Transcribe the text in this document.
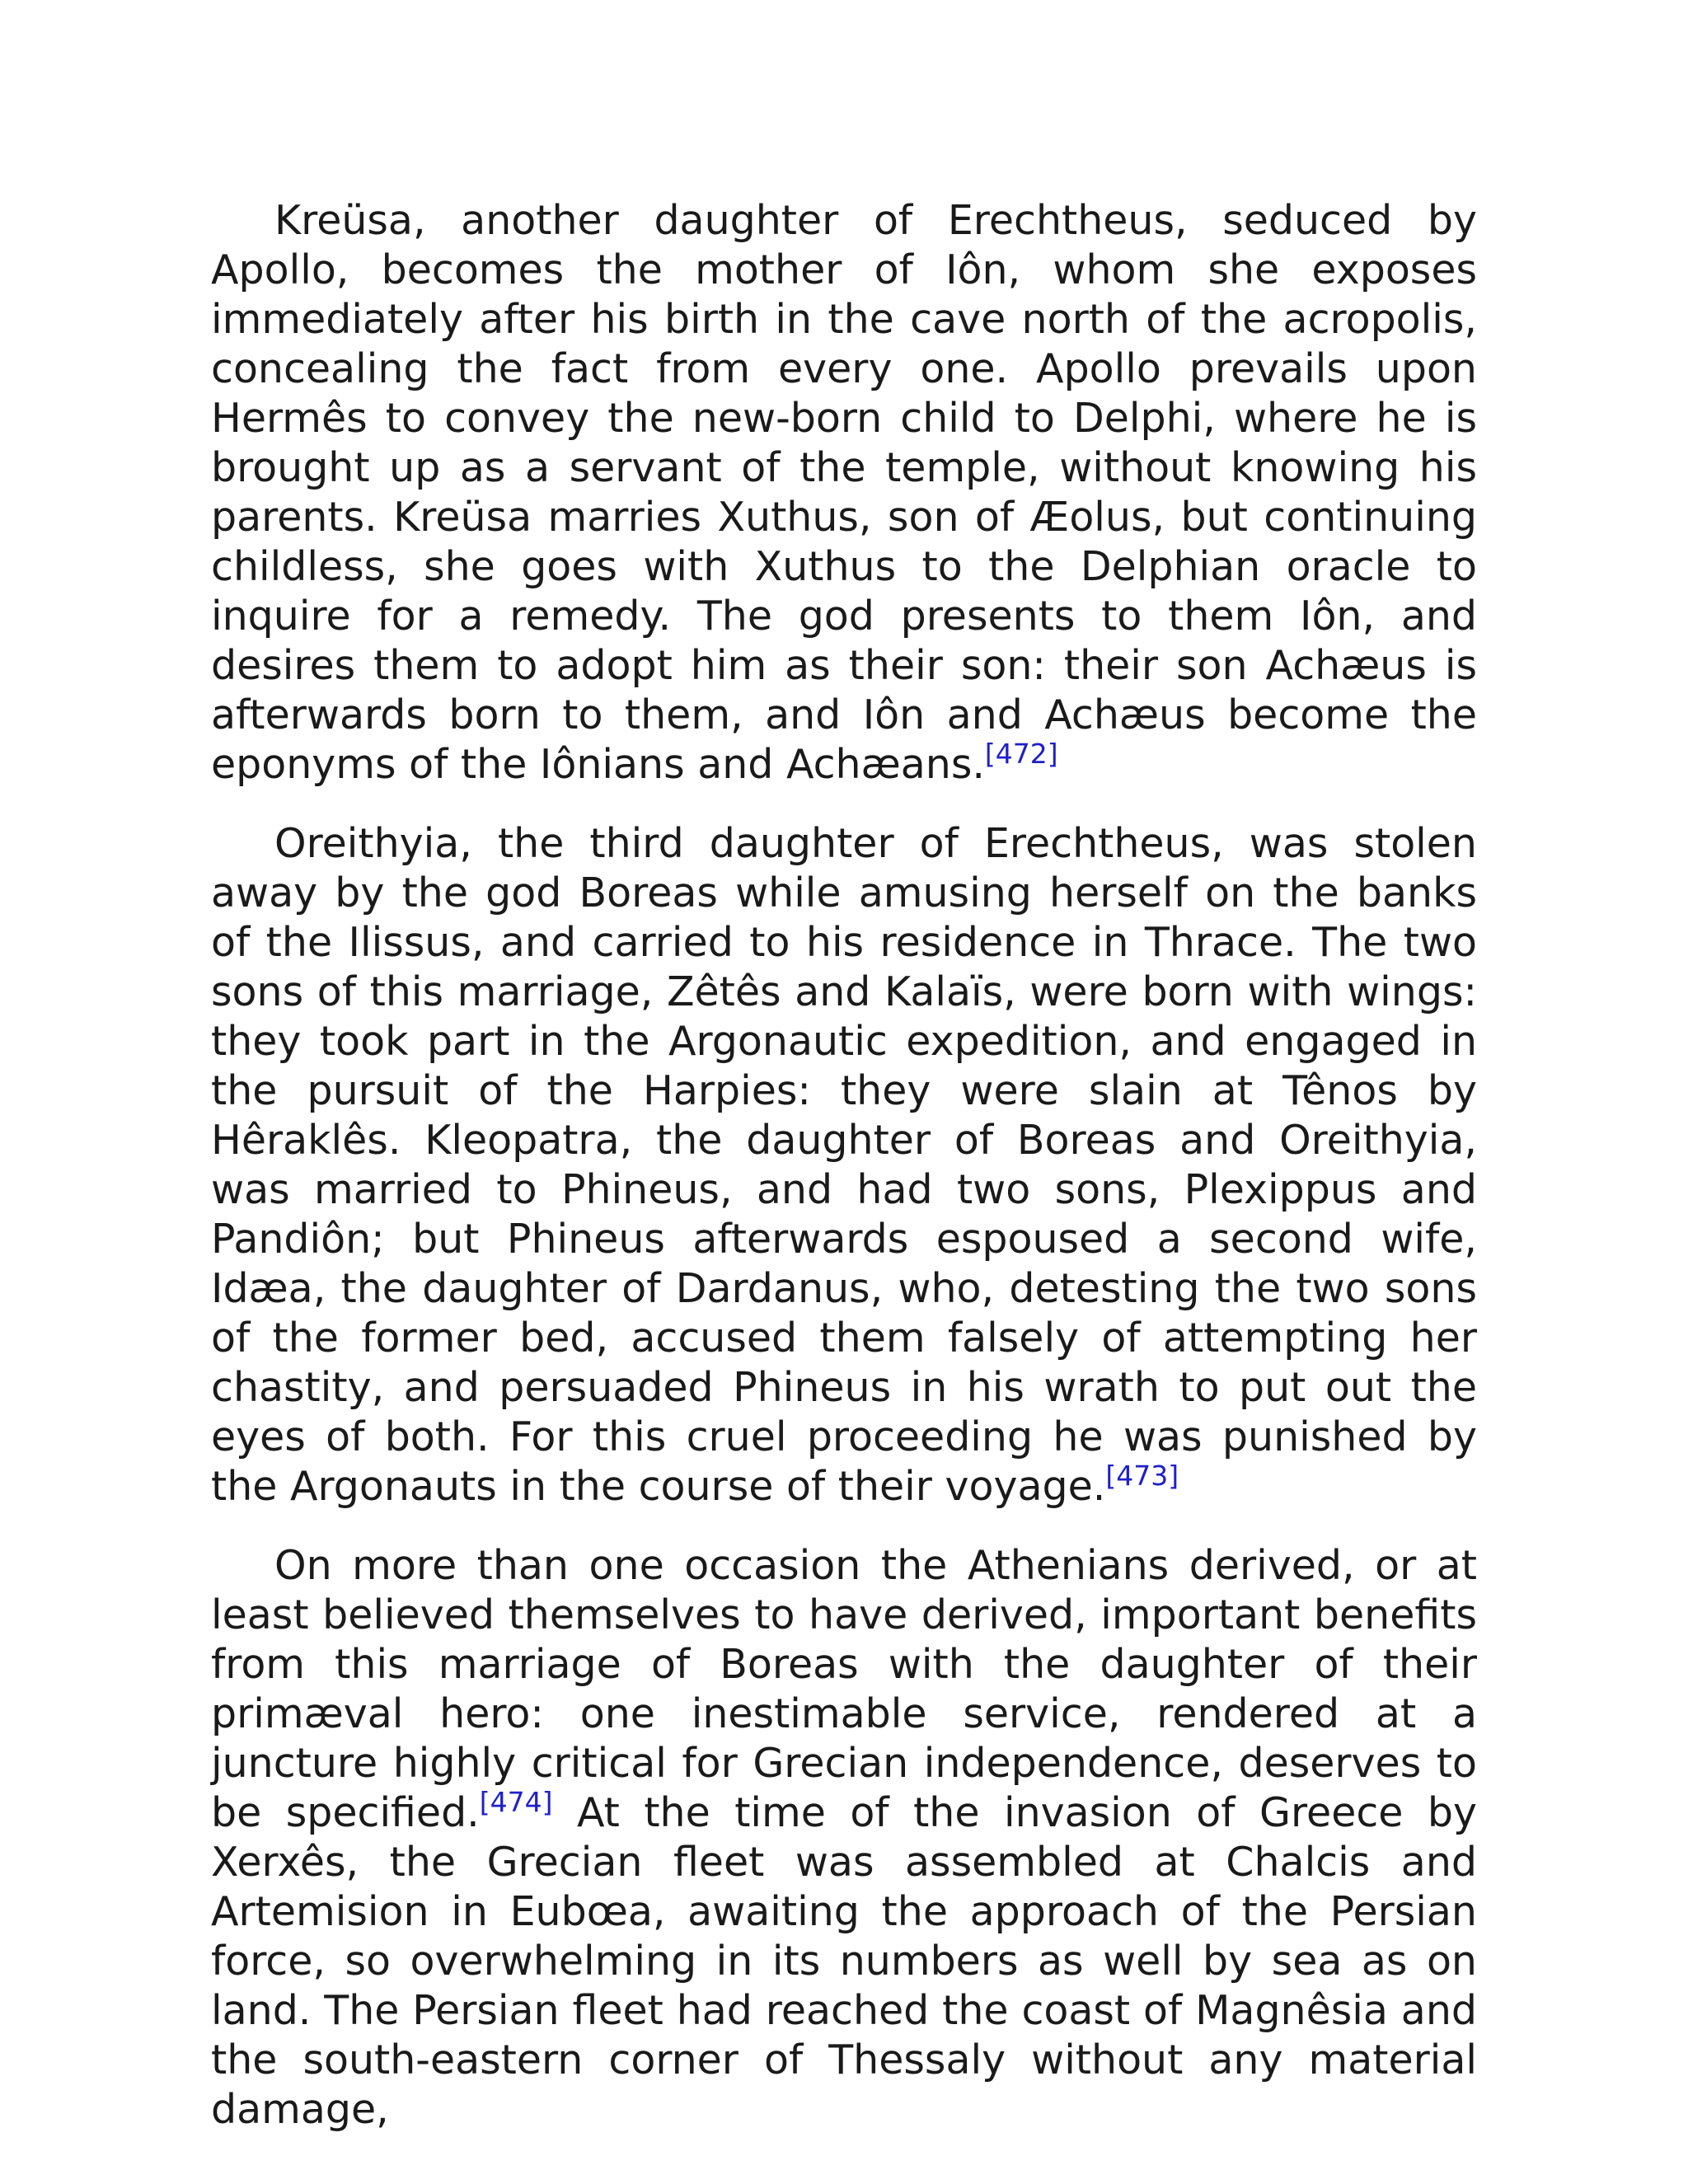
Kreüsa, another daughter of Erechtheus, seduced by Apollo, becomes the mother of Iôn, whom she exposes immediately after his birth in the cave north of the acropolis, concealing the fact from every one. Apollo prevails upon Hermês to convey the new-born child to Delphi, where he is brought up as a servant of the temple, without knowing his parents. Kreüsa marries Xuthus, son of Æolus, but continuing childless, she goes with Xuthus to the Delphian oracle to inquire for a remedy. The god presents to them Iôn, and desires them to adopt him as their son: their son Achæus is afterwards born to them, and Iôn and Achæus become the eponyms of the Iônians and Achæans.[472]

Oreithyia, the third daughter of Erechtheus, was stolen away by the god Boreas while amusing herself on the banks of the Ilissus, and carried to his residence in Thrace. The two sons of this marriage, Zêtês and Kalaïs, were born with wings: they took part in the Argonautic expedition, and engaged in the pursuit of the Harpies: they were slain at Tênos by Hêraklês. Kleopatra, the daughter of Boreas and Oreithyia, was married to Phineus, and had two sons, Plexippus and Pandiôn; but Phineus afterwards espoused a second wife, Idæa, the daughter of Dardanus, who, detesting the two sons of the former bed, accused them falsely of attempting her chastity, and persuaded Phineus in his wrath to put out the eyes of both. For this cruel proceeding he was punished by the Argonauts in the course of their voyage.[473]

On more than one occasion the Athenians derived, or at least believed themselves to have derived, important benefits from this marriage of Boreas with the daughter of their primæval hero: one inestimable service, rendered at a juncture highly critical for Grecian independence, deserves to be specified.[474] At the time of the invasion of Greece by Xerxês, the Grecian fleet was assembled at Chalcis and Artemision in Eubœa, awaiting the approach of the Persian force, so overwhelming in its numbers as well by sea as on land. The Persian fleet had reached the coast of Magnêsia and the south-eastern corner of Thessaly without any material damage,
